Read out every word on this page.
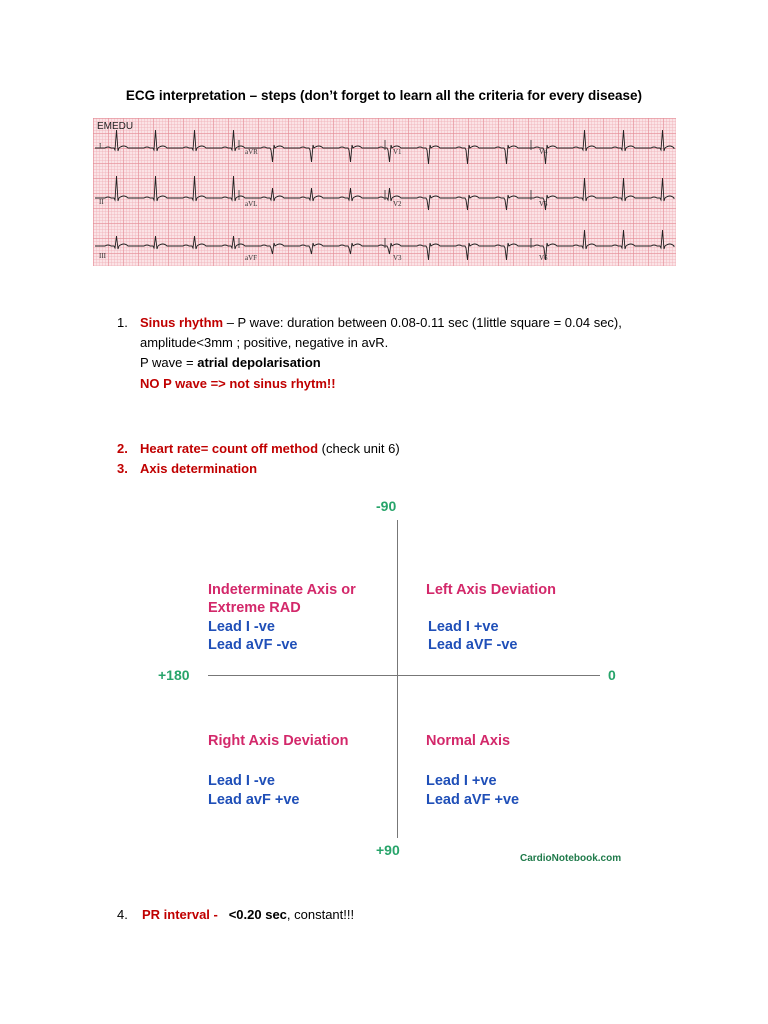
ECG interpretation – steps (don’t forget to learn all the criteria for every disease)
EMEDU
I
aVR	V1	V4
II	aVL	V2	V5
III	aVF	V3	V6
1. Sinus rhythm – P wave: duration between 0.08-0.11 sec (1little square = 0.04 sec),
amplitude<3mm ; positive, negative in avR.
P wave = atrial depolarisation
NO P wave => not sinus rhytm!!
2. Heart rate= count off method (check unit 6)
3. Axis determination
-90
+90
+180	0
Indeterminate Axis or
Extreme RAD
Lead I -ve
Lead aVF -ve
Left Axis Deviation
Lead I +ve
Lead aVF -ve
Right Axis Deviation
Lead I -ve
Lead avF +ve
Normal Axis
Lead I +ve
Lead aVF +ve
CardioNotebook.com
4. PR interval - <0.20 sec, constant!!!
